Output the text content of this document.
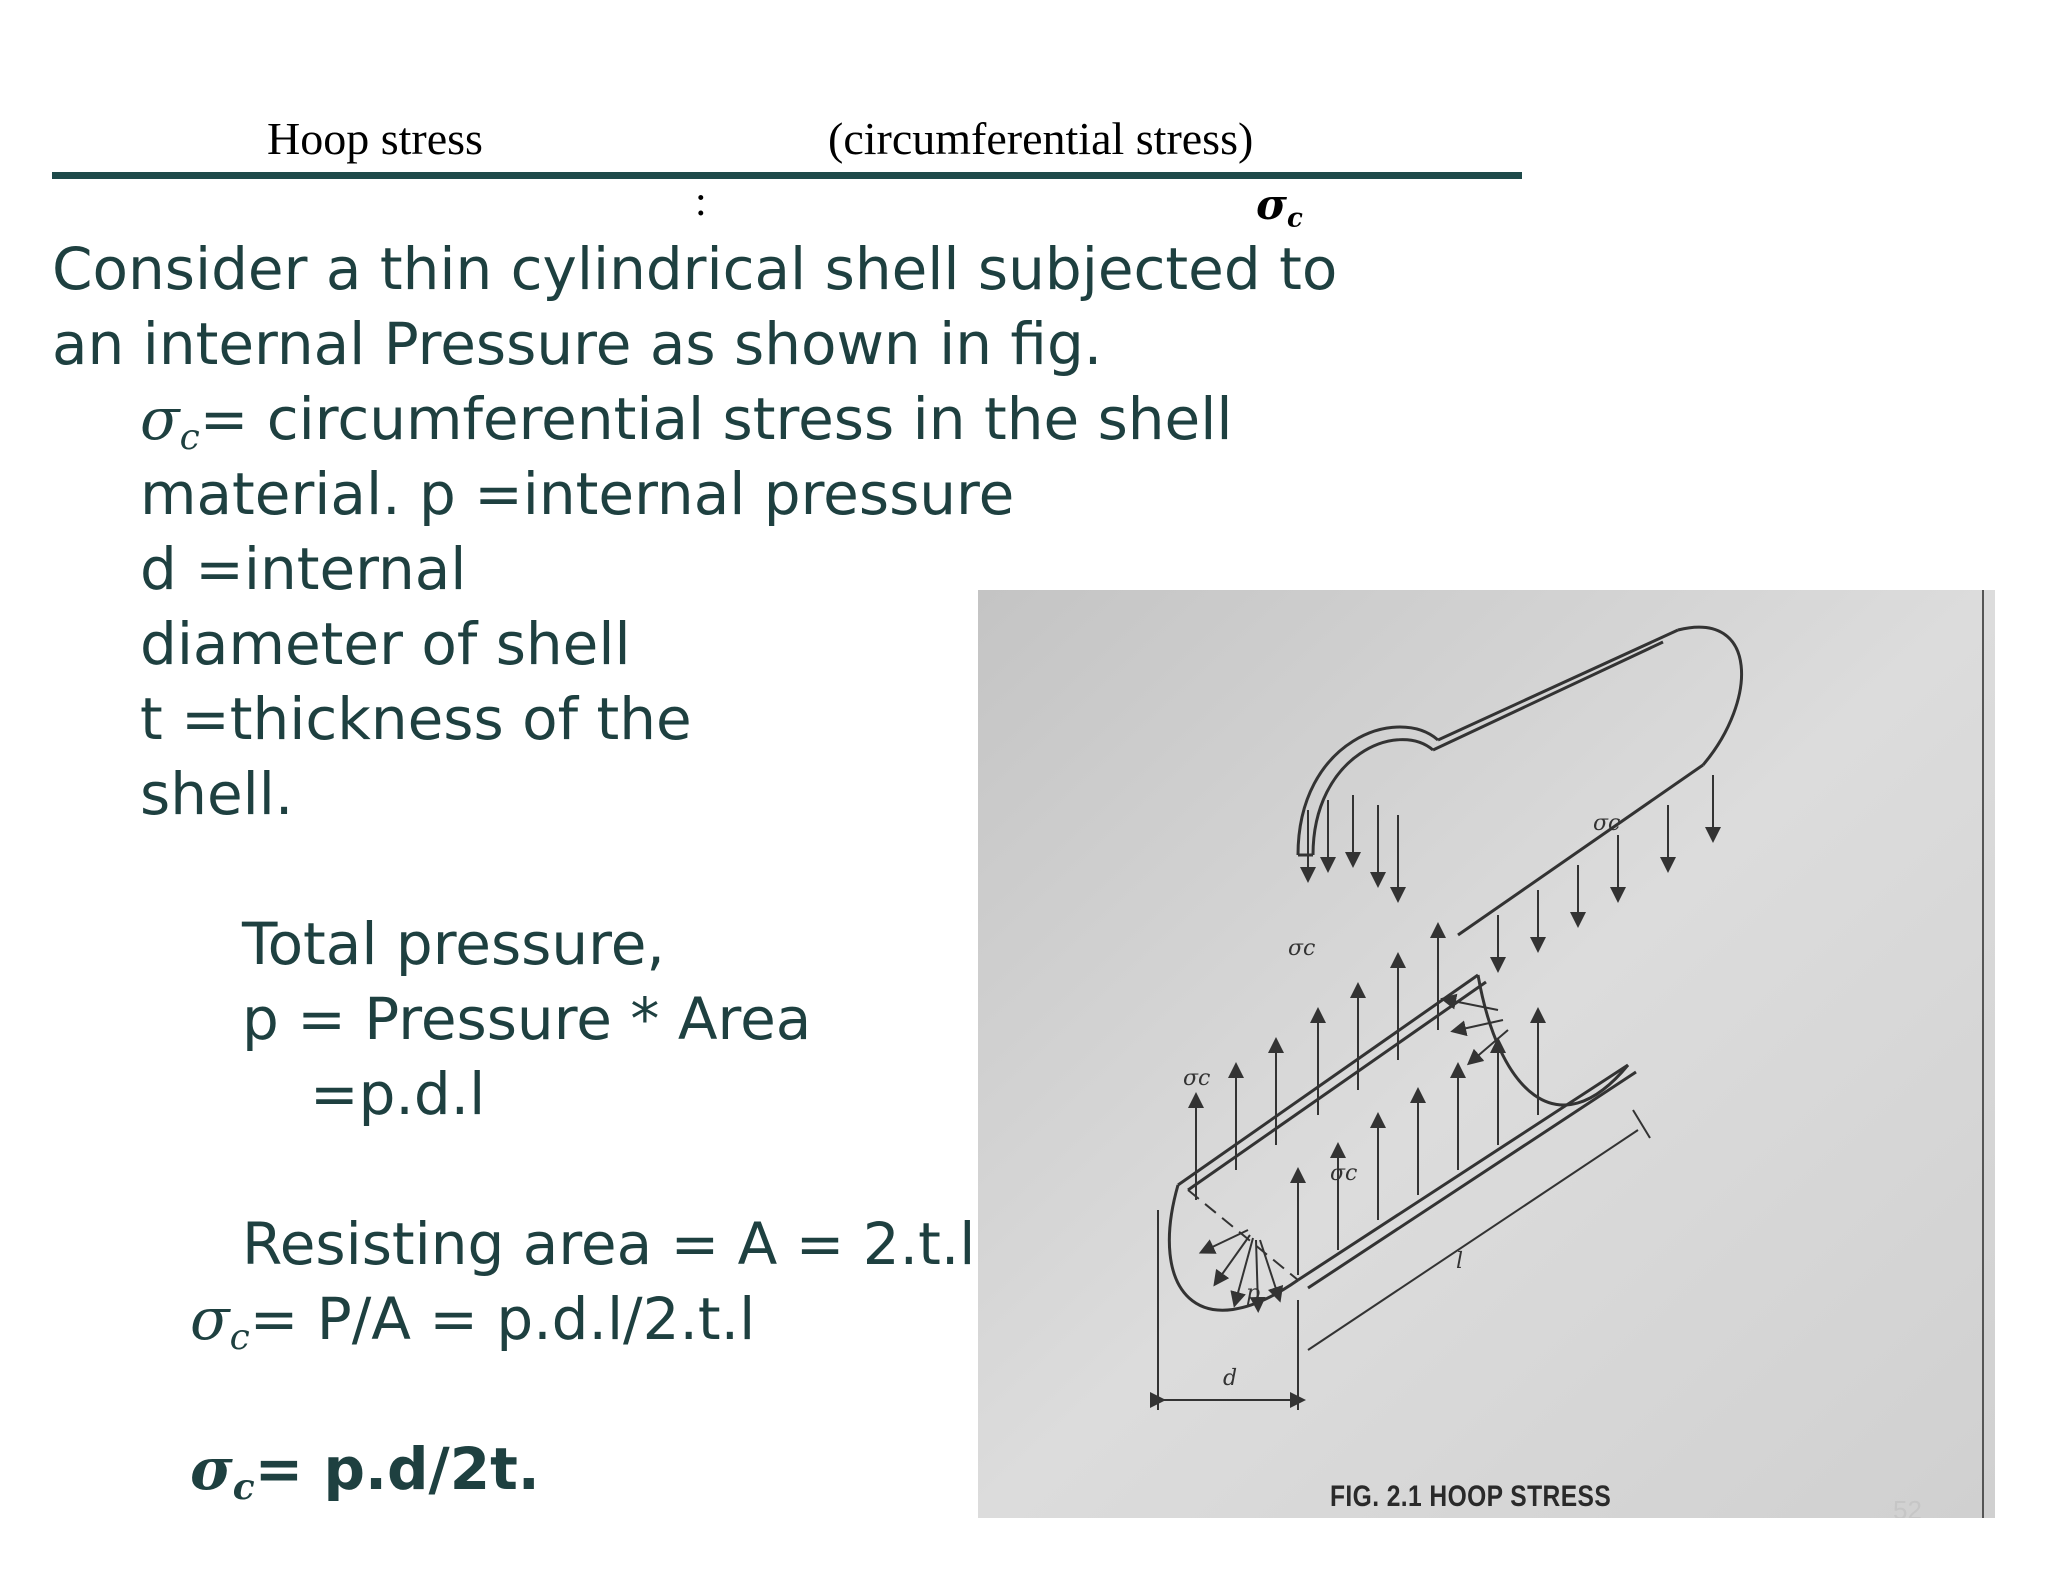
Hoop stress	(circumferential stress)
:	$\sigma_c$
Consider a thin cylindrical shell subjected to
an internal Pressure as shown in fig.
$\sigma_c=$ circumferential stress in the shell
material. p =internal pressure
d =internal
diameter of shell
t =thickness of the
shell.
Total pressure,
p = Pressure * Area
=p.d.l
Resisting area = A = 2.t.l
$\sigma_c= P/A = p.d.l/2.t.l$
$\sigma_c= p.d/2t$.
σc
σc
σc
σc
p
d
l
FIG. 2.1 HOOP STRESS	52
